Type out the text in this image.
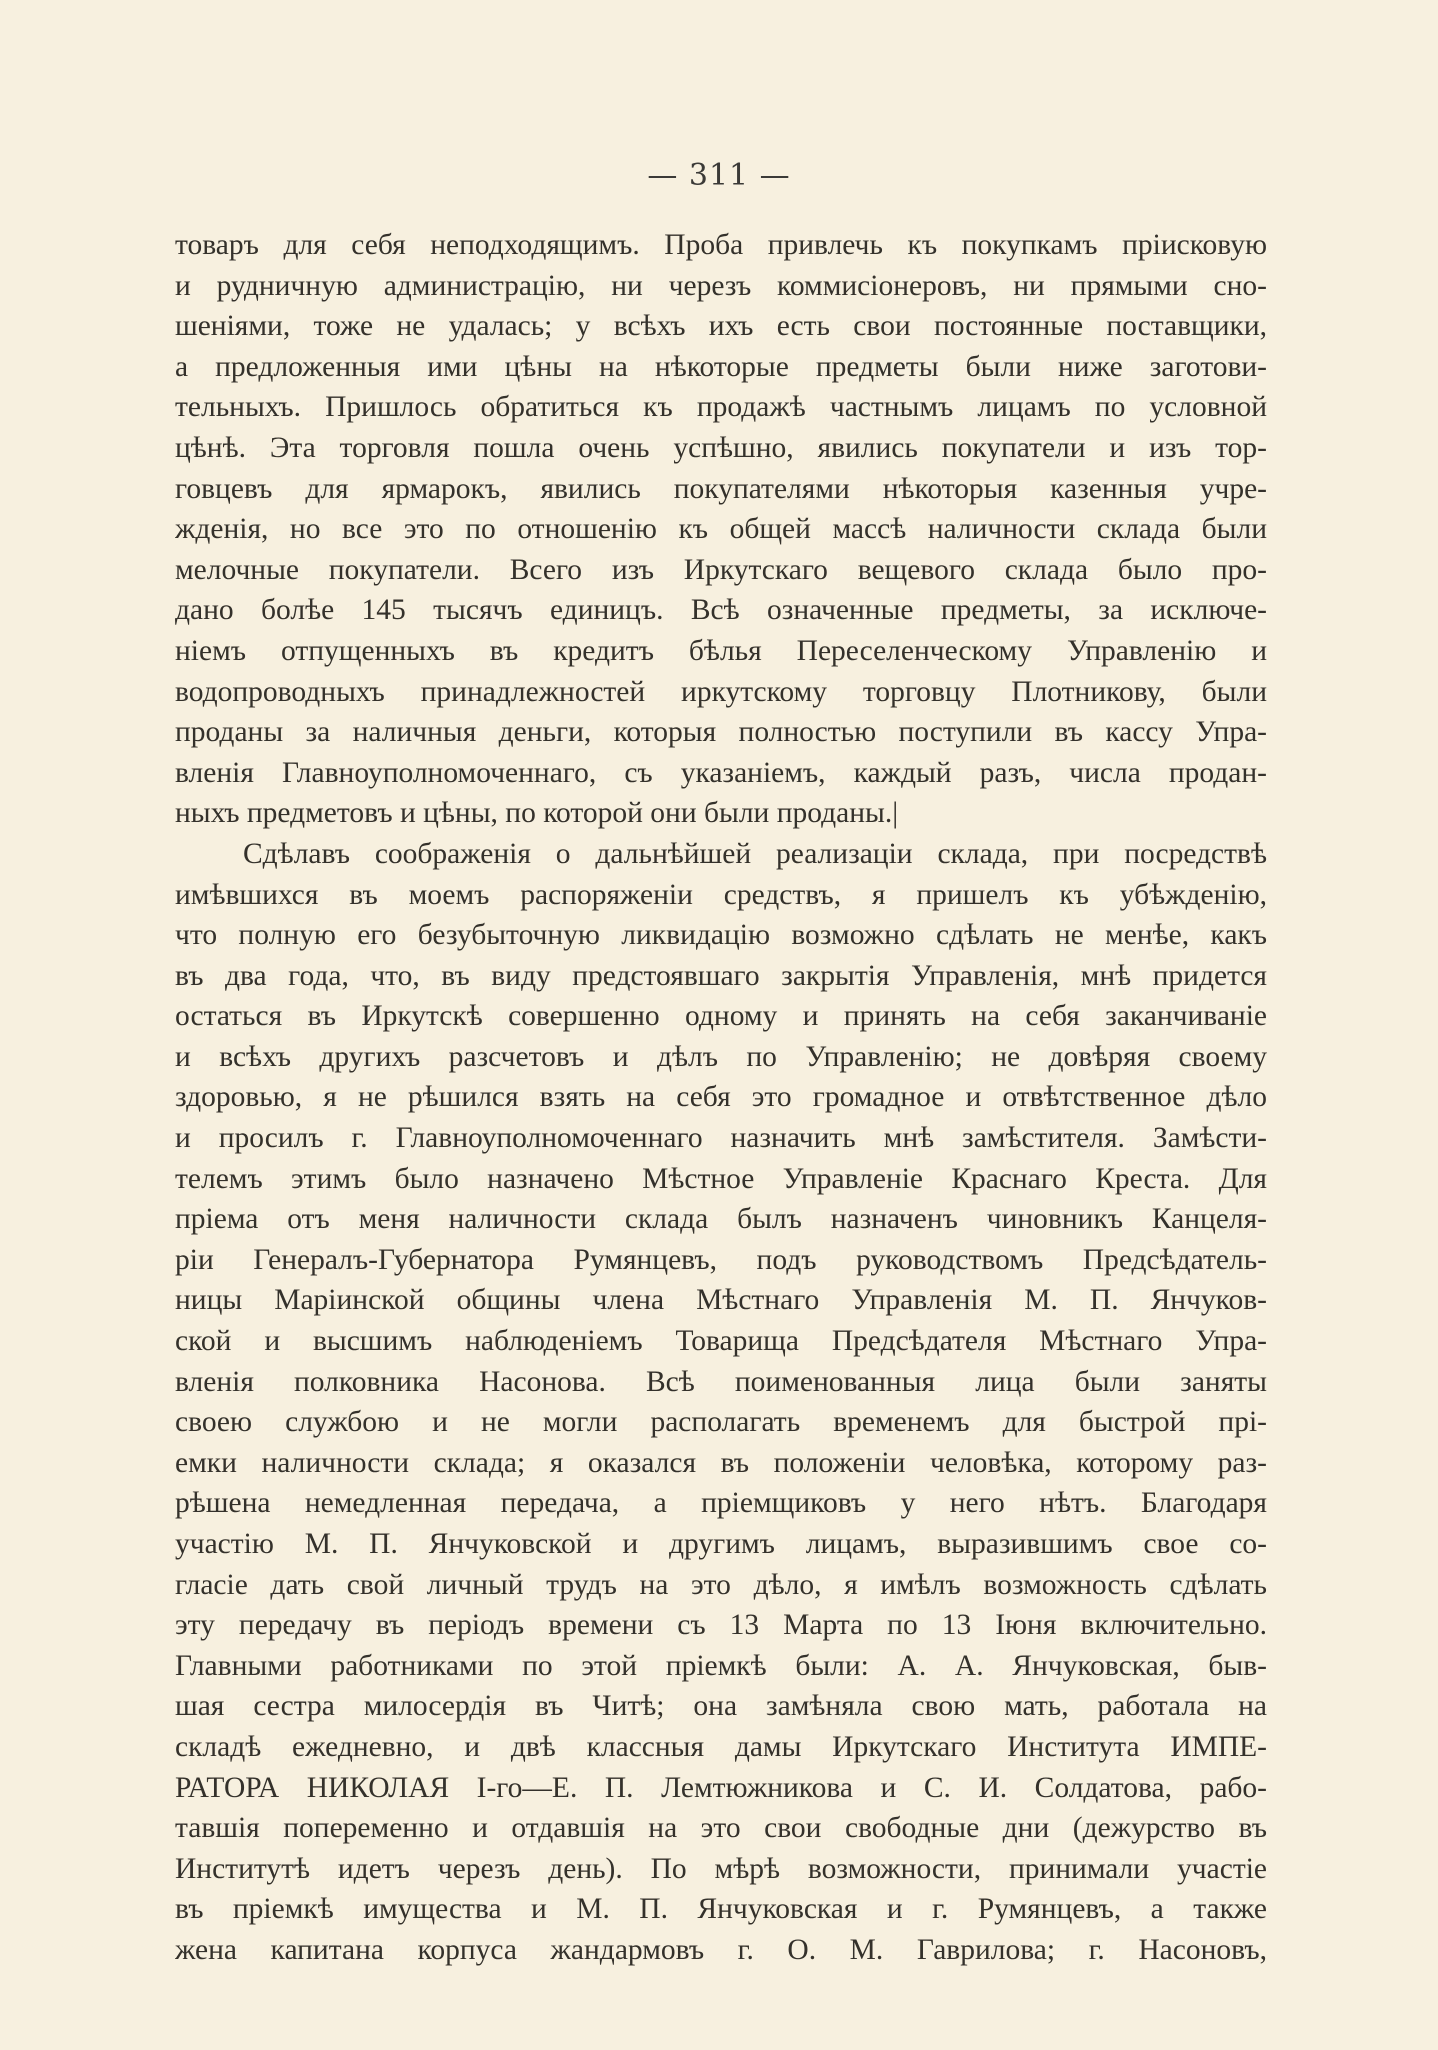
— 311 —
товаръ для себя неподходящимъ. Проба привлечь къ покупкамъ пріисковую
и рудничную администрацію, ни черезъ коммисіонеровъ, ни прямыми сно-
шеніями, тоже не удалась; у всѣхъ ихъ есть свои постоянные поставщики,
а предложенныя ими цѣны на нѣкоторые предметы были ниже заготови-
тельныхъ. Пришлось обратиться къ продажѣ частнымъ лицамъ по условной
цѣнѣ. Эта торговля пошла очень успѣшно, явились покупатели и изъ тор-
говцевъ для ярмарокъ, явились покупателями нѣкоторыя казенныя учре-
жденія, но все это по отношенію къ общей массѣ наличности склада были
мелочные покупатели. Всего изъ Иркутскаго вещевого склада было про-
дано болѣе 145 тысячъ единицъ. Всѣ означенные предметы, за исключе-
ніемъ отпущенныхъ въ кредитъ бѣлья Переселенческому Управленію и
водопроводныхъ принадлежностей иркутскому торговцу Плотникову, были
проданы за наличныя деньги, которыя полностью поступили въ кассу Упра-
вленія Главноуполномоченнаго, съ указаніемъ, каждый разъ, числа продан-
ныхъ предметовъ и цѣны, по которой они были проданы.|
Сдѣлавъ соображенія о дальнѣйшей реализаціи склада, при посредствѣ
имѣвшихся въ моемъ распоряженіи средствъ, я пришелъ къ убѣжденію,
что полную его безубыточную ликвидацію возможно сдѣлать не менѣе, какъ
въ два года, что, въ виду предстоявшаго закрытія Управленія, мнѣ придется
остаться въ Иркутскѣ совершенно одному и принять на себя заканчиваніе
и всѣхъ другихъ разсчетовъ и дѣлъ по Управленію; не довѣряя своему
здоровью, я не рѣшился взять на себя это громадное и отвѣтственное дѣло
и просилъ г. Главноуполномоченнаго назначить мнѣ замѣстителя. Замѣсти-
телемъ этимъ было назначено Мѣстное Управленіе Краснаго Креста. Для
пріема отъ меня наличности склада былъ назначенъ чиновникъ Канцеля-
ріи Генералъ-Губернатора Румянцевъ, подъ руководствомъ Предсѣдатель-
ницы Маріинской общины члена Мѣстнаго Управленія М. П. Янчуков-
ской и высшимъ наблюденіемъ Товарища Предсѣдателя Мѣстнаго Упра-
вленія полковника Насонова. Всѣ поименованныя лица были заняты
своею службою и не могли располагать временемъ для быстрой прі-
емки наличности склада; я оказался въ положеніи человѣка, которому раз-
рѣшена немедленная передача, а пріемщиковъ у него нѣтъ. Благодаря
участію М. П. Янчуковской и другимъ лицамъ, выразившимъ свое со-
гласіе дать свой личный трудъ на это дѣло, я имѣлъ возможность сдѣлать
эту передачу въ періодъ времени съ 13 Марта по 13 Іюня включительно.
Главными работниками по этой пріемкѣ были: А. А. Янчуковская, быв-
шая сестра милосердія въ Читѣ; она замѣняла свою мать, работала на
складѣ ежедневно, и двѣ классныя дамы Иркутскаго Института ИМПЕ-
РАТОРА НИКОЛАЯ І-го—Е. П. Лемтюжникова и С. И. Солдатова, рабо-
тавшія попеременно и отдавшія на это свои свободные дни (дежурство въ
Институтѣ идетъ черезъ день). По мѣрѣ возможности, принимали участіе
въ пріемкѣ имущества и М. П. Янчуковская и г. Румянцевъ, а также
жена капитана корпуса жандармовъ г. О. М. Гаврилова; г. Насоновъ,
